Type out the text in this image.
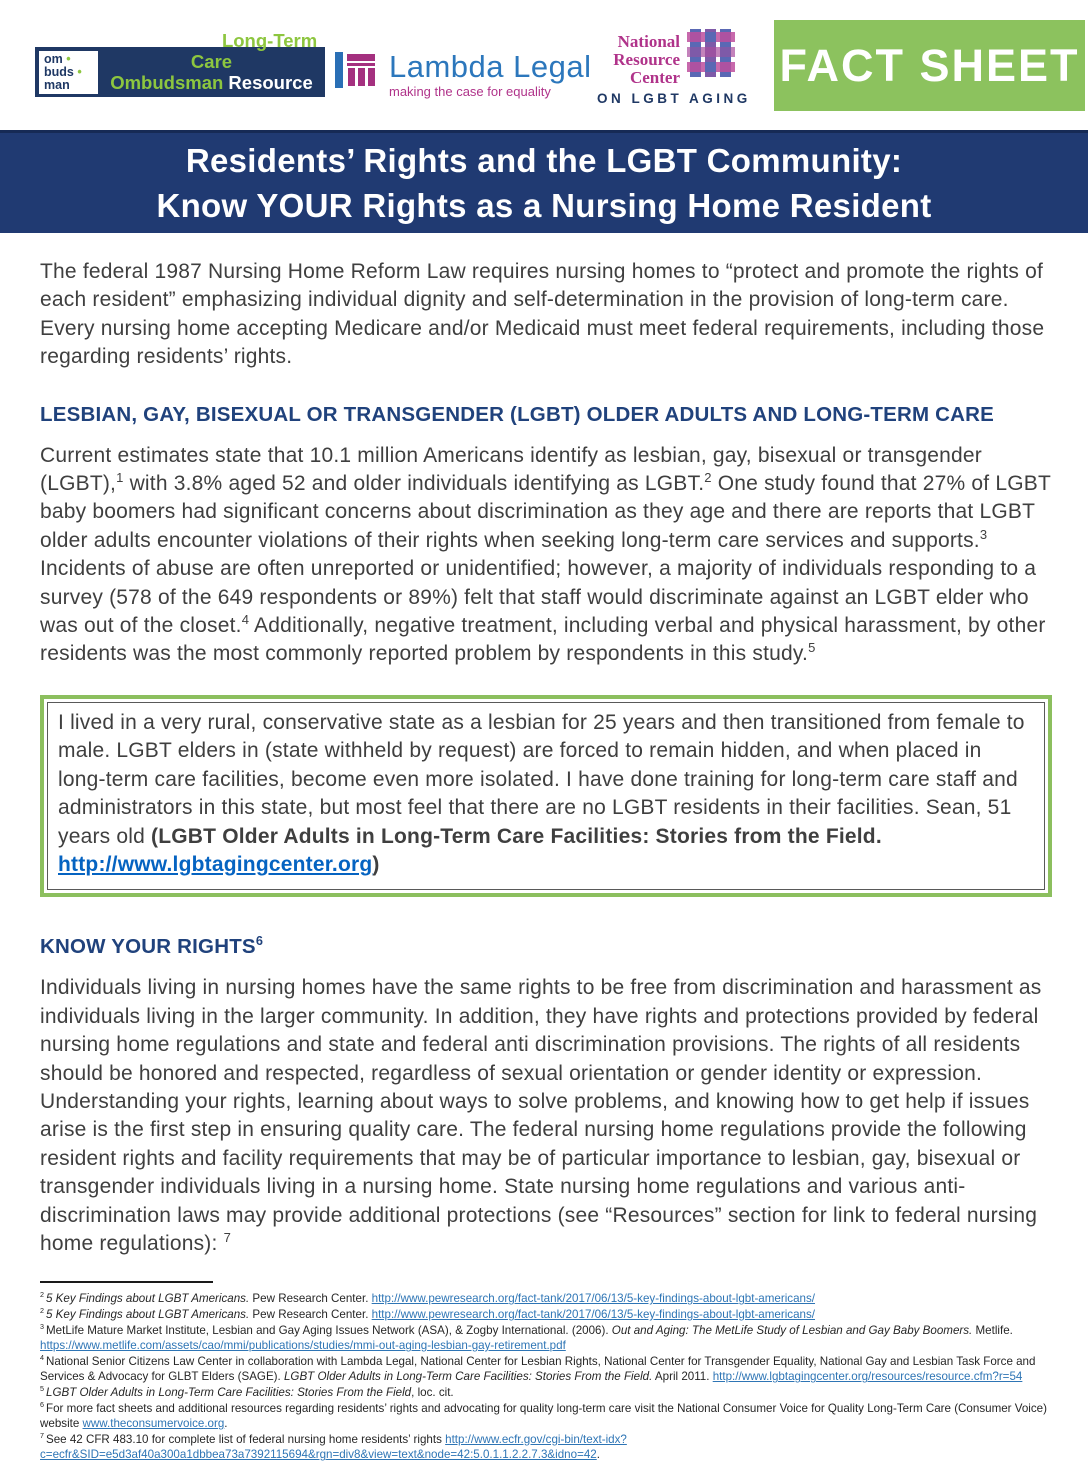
om •
buds •
man
The National Long-Term Care
Ombudsman Resource Center
Lambda Legal
making the case for equality
National
Resource
Center
ON LGBT AGING
FACT SHEET
Residents’ Rights and the LGBT Community:
Know YOUR Rights as a Nursing Home Resident

The federal 1987 Nursing Home Reform Law requires nursing homes to “protect and promote the rights of each resident” emphasizing individual dignity and self-determination in the provision of long-term care. Every nursing home accepting Medicare and/or Medicaid must meet federal requirements, including those regarding residents’ rights.

LESBIAN, GAY, BISEXUAL OR TRANSGENDER (LGBT) OLDER ADULTS AND LONG-TERM CARE

Current estimates state that 10.1 million Americans identify as lesbian, gay, bisexual or transgender (LGBT),$^1$ with 3.8% aged 52 and older individuals identifying as LGBT.$^2$ One study found that 27% of LGBT baby boomers had significant concerns about discrimination as they age and there are reports that LGBT older adults encounter violations of their rights when seeking long-term care services and supports.$^3$ Incidents of abuse are often unreported or unidentified; however, a majority of individuals responding to a survey (578 of the 649 respondents or 89%) felt that staff would discriminate against an LGBT elder who was out of the closet.$^4$ Additionally, negative treatment, including verbal and physical harassment, by other residents was the most commonly reported problem by respondents in this study.$^5$

I lived in a very rural, conservative state as a lesbian for 25 years and then transitioned from female to male. LGBT elders in (state withheld by request) are forced to remain hidden, and when placed in long-term care facilities, become even more isolated. I have done training for long-term care staff and administrators in this state, but most feel that there are no LGBT residents in their facilities. Sean, 51 years old (LGBT Older Adults in Long-Term Care Facilities: Stories from the Field. http://www.lgbtagingcenter.org)

KNOW YOUR RIGHTS$^6$

Individuals living in nursing homes have the same rights to be free from discrimination and harassment as individuals living in the larger community. In addition, they have rights and protections provided by federal nursing home regulations and state and federal anti discrimination provisions. The rights of all residents should be honored and respected, regardless of sexual orientation or gender identity or expression. Understanding your rights, learning about ways to solve problems, and knowing how to get help if issues arise is the first step in ensuring quality care. The federal nursing home regulations provide the following resident rights and facility requirements that may be of particular importance to lesbian, gay, bisexual or transgender individuals living in a nursing home. State nursing home regulations and various anti-discrimination laws may provide additional protections (see “Resources” section for link to federal nursing home regulations): $^7$

$^2$ 5 Key Findings about LGBT Americans. Pew Research Center. http://www.pewresearch.org/fact-tank/2017/06/13/5-key-findings-about-lgbt-americans/
$^2$ 5 Key Findings about LGBT Americans. Pew Research Center. http://www.pewresearch.org/fact-tank/2017/06/13/5-key-findings-about-lgbt-americans/
$^3$ MetLife Mature Market Institute, Lesbian and Gay Aging Issues Network (ASA), & Zogby International. (2006). Out and Aging: The MetLife Study of Lesbian and Gay Baby Boomers. Metlife. https://www.metlife.com/assets/cao/mmi/publications/studies/mmi-out-aging-lesbian-gay-retirement.pdf
$^4$ National Senior Citizens Law Center in collaboration with Lambda Legal, National Center for Lesbian Rights, National Center for Transgender Equality, National Gay and Lesbian Task Force and Services & Advocacy for GLBT Elders (SAGE). LGBT Older Adults in Long-Term Care Facilities: Stories From the Field. April 2011. http://www.lgbtagingcenter.org/resources/resource.cfm?r=54
$^5$ LGBT Older Adults in Long-Term Care Facilities: Stories From the Field, loc. cit.
$^6$ For more fact sheets and additional resources regarding residents’ rights and advocating for quality long-term care visit the National Consumer Voice for Quality Long-Term Care (Consumer Voice) website www.theconsumervoice.org.
$^7$ See 42 CFR 483.10 for complete list of federal nursing home residents’ rights http://www.ecfr.gov/cgi-bin/text-idx?c=ecfr&SID=e5d3af40a300a1dbbea73a7392115694&rgn=div8&view=text&node=42:5.0.1.1.2.2.7.3&idno=42.
